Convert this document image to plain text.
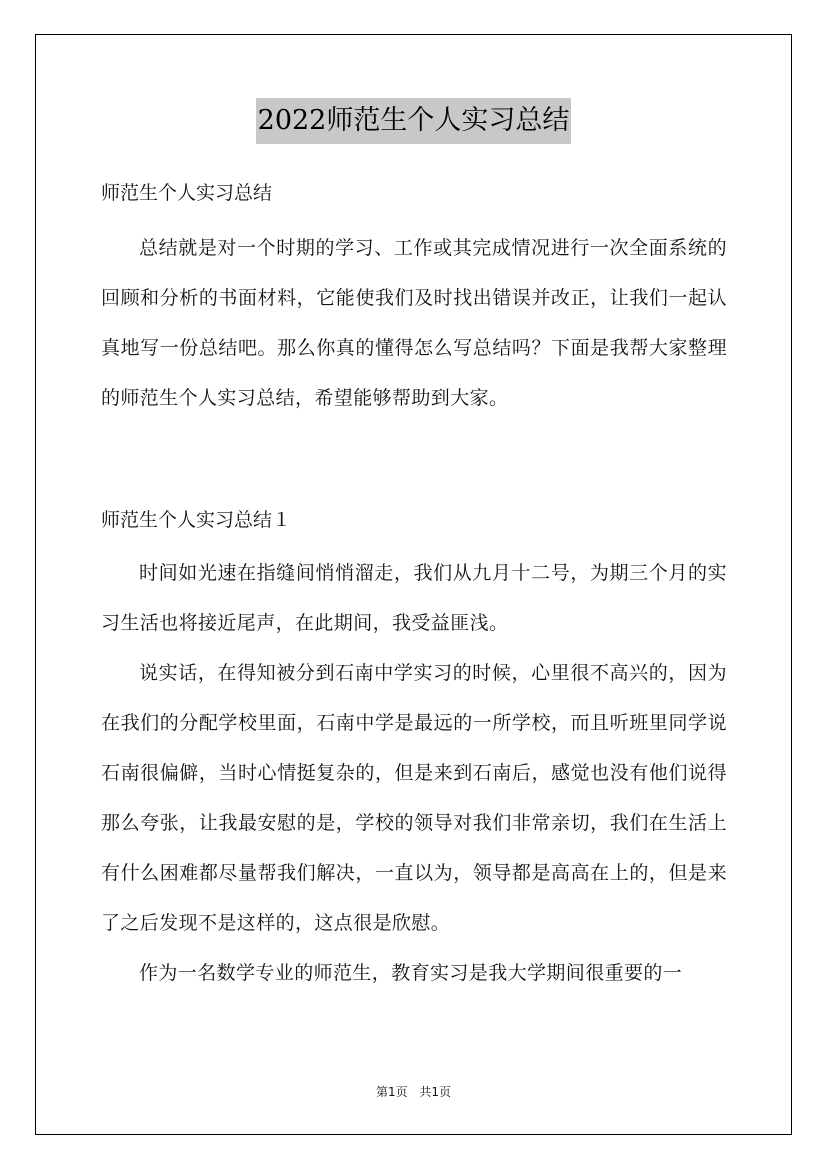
2022师范生个人实习总结
师范生个人实习总结

总结就是对一个时期的学习、工作或其完成情况进行一次全面系统的回顾和分析的书面材料，它能使我们及时找出错误并改正，让我们一起认真地写一份总结吧。那么你真的懂得怎么写总结吗？下面是我帮大家整理的师范生个人实习总结，希望能够帮助到大家。

师范生个人实习总结１

时间如光速在指缝间悄悄溜走，我们从九月十二号，为期三个月的实习生活也将接近尾声，在此期间，我受益匪浅。

说实话，在得知被分到石南中学实习的时候，心里很不高兴的，因为在我们的分配学校里面，石南中学是最远的一所学校，而且听班里同学说石南很偏僻，当时心情挺复杂的，但是来到石南后，感觉也没有他们说得那么夸张，让我最安慰的是，学校的领导对我们非常亲切，我们在生活上有什么困难都尽量帮我们解决，一直以为，领导都是高高在上的，但是来了之后发现不是这样的，这点很是欣慰。

作为一名数学专业的师范生，教育实习是我大学期间很重要的一

第1页 共1页
